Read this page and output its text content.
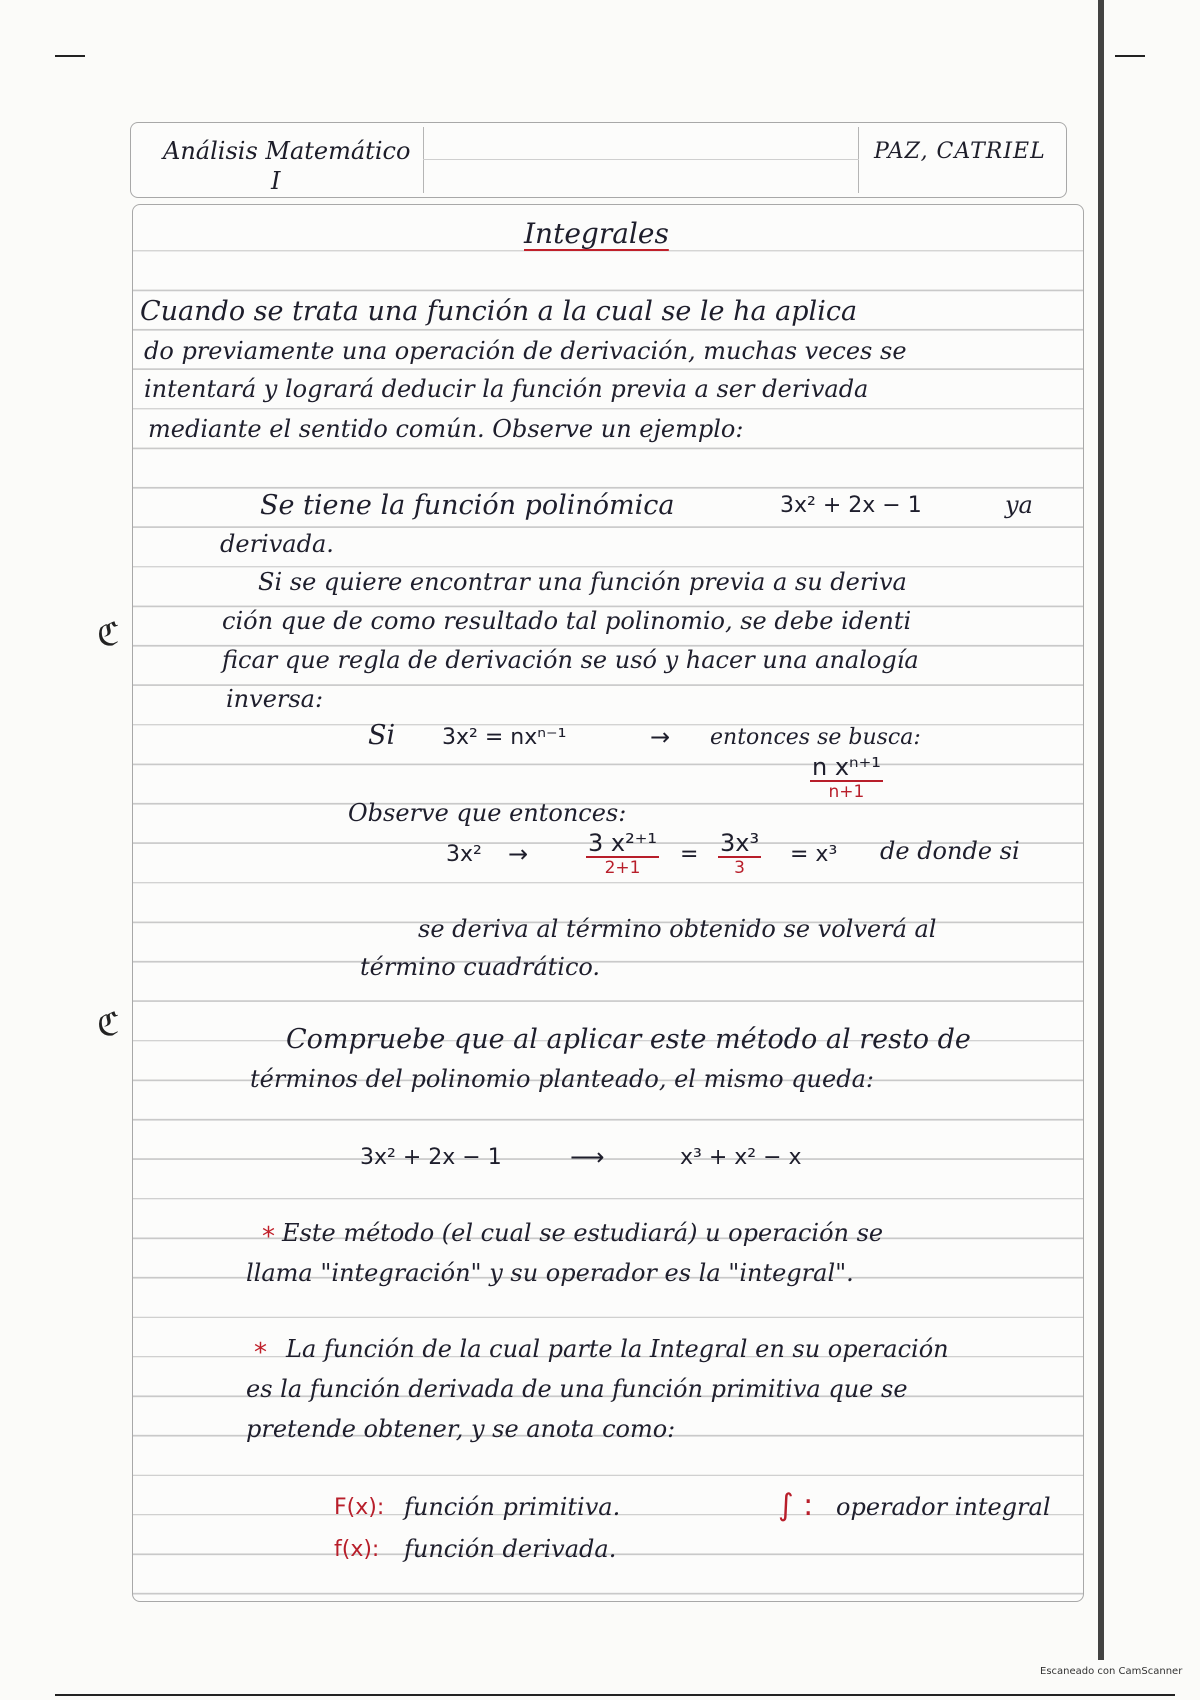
Análisis Matemático
I
PAZ, CATRIEL
ℭ
ℭ
Integrales
Cuando se trata una función a la cual se le ha aplica
do previamente una operación de derivación, muchas veces se
intentará y logrará deducir la función previa a ser derivada
mediante el sentido común. Observe un ejemplo:
Se tiene la función polinómica	3x² + 2x − 1	ya
derivada.
Si se quiere encontrar una función previa a su deriva
ción que de como resultado tal polinomio, se debe identi
ficar que regla de derivación se usó y hacer una analogía
inversa:
Si 3x² = nxⁿ⁻¹	→ entonces se busca:
n xⁿ⁺¹
n+1
Observe que entonces:
3x² → 3 x²⁺¹
2+1
= 3x³
3
= x³ de donde si
se deriva al término obtenido se volverá al
término cuadrático.
Compruebe que al aplicar este método al resto de
términos del polinomio planteado, el mismo queda:
3x² + 2x − 1	⟶	x³ + x² − x
* Este método (el cual se estudiará) u operación se
llama "integración" y su operador es la "integral".
* La función de la cual parte la Integral en su operación
es la función derivada de una función primitiva que se
pretende obtener, y se anota como:
F(x): función primitiva.
f(x): función derivada.
∫ : operador integral
Escaneado con CamScanner
